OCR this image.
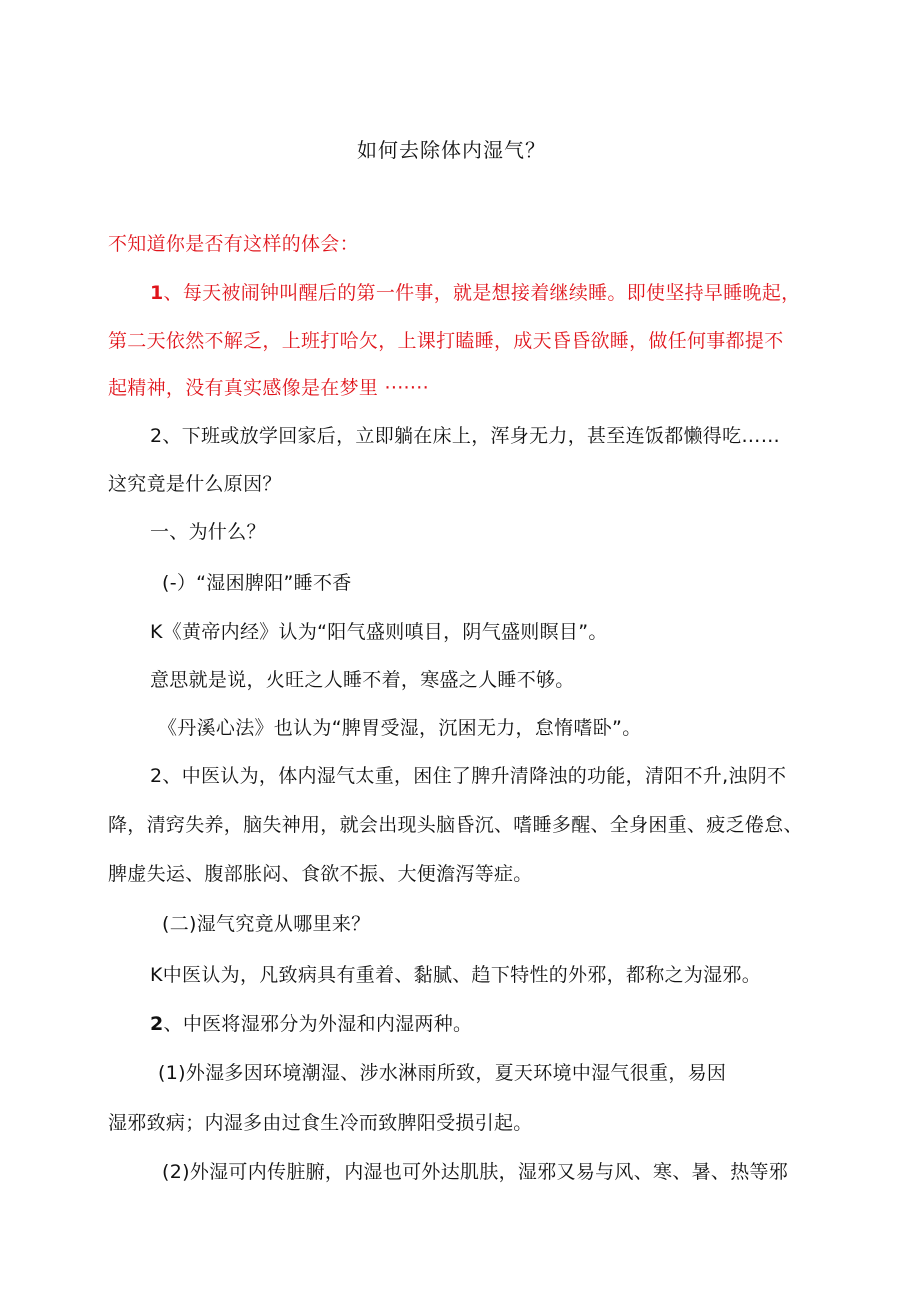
如何去除体内湿气？
不知道你是否有这样的体会：
1、每天被闹钟叫醒后的第一件事，就是想接着继续睡。即使坚持早睡晚起，
第二天依然不解乏，上班打哈欠，上课打瞌睡，成天昏昏欲睡，做任何事都提不
起精神，没有真实感像是在梦里 ·······
2、下班或放学回家后，立即躺在床上，浑身无力，甚至连饭都懒得吃……
这究竟是什么原因？
一、为什么？
(-）“湿困脾阳”睡不香
K《黄帝内经》认为“阳气盛则嗔目，阴气盛则瞑目”。
意思就是说，火旺之人睡不着，寒盛之人睡不够。
《丹溪心法》也认为“脾胃受湿，沉困无力，怠惰嗜卧”。
2、中医认为，体内湿气太重，困住了脾升清降浊的功能，清阳不升,浊阴不
降，清窍失养，脑失神用，就会出现头脑昏沉、嗜睡多醒、全身困重、疲乏倦怠、
脾虚失运、腹部胀闷、食欲不振、大便澹泻等症。
(二)湿气究竟从哪里来？
K中医认为，凡致病具有重着、黏腻、趋下特性的外邪，都称之为湿邪。
2、中医将湿邪分为外湿和内湿两种。
(1)外湿多因环境潮湿、涉水淋雨所致，夏天环境中湿气很重，易因
湿邪致病；内湿多由过食生冷而致脾阳受损引起。
(2)外湿可内传脏腑，内湿也可外达肌肤，湿邪又易与风、寒、暑、热等邪
